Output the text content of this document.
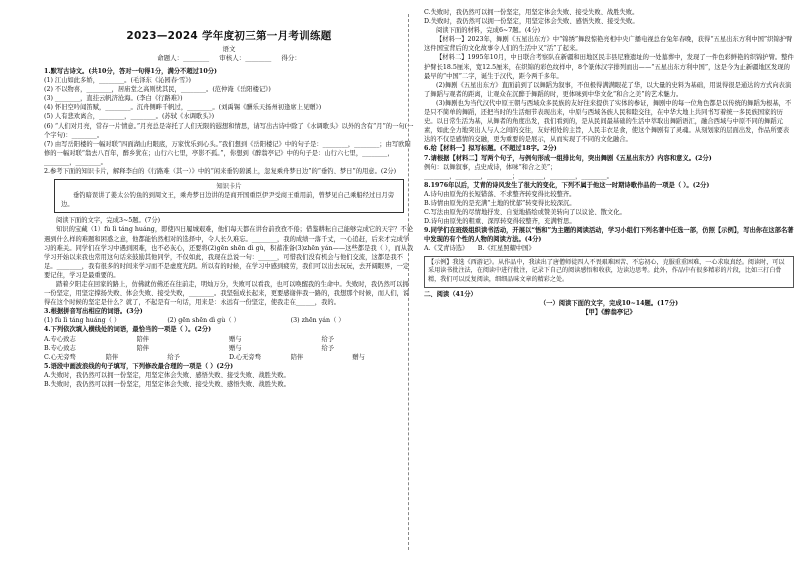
2023—2024 学年度初三第一月考训练题
语文
命题人：________ 审核人：________ 得分：

1.默写古诗文。(共10分，答对一句得1分，满分不超过10分)

(1) 江山如此多娇，________。(毛泽东《沁园春·雪》)

(2) 不以物喜，________，居庙堂之高则忧其民，________。(范仲淹《岳阳楼记》)

(3) ________，直挂云帆济沧海。(李白《行路难》)

(4) 怀旧空吟闻笛赋，________。沉舟侧畔千帆过，________。(刘禹锡《酬乐天扬州初逢席上见赠》)

(5) 人有悲欢离合，________，________。(苏轼《水调歌头》)

(6) “人们对月亮，常存一片情意。”月亮总是寄托了人们无限的遐想和情思，请写出古诗中除了《水调歌头》以外的含有“月”的一句(一个字句)：________。

(7) 由写岳阳楼的一幅对联“四面湖山归眼底，万家忧乐到心头。”我们想到《岳阳楼记》中的句子是：________，________；由写欧阳修的一幅对联“翁去八百年，醉乡犹在；山行六七里，亭影不孤。”，你想到《醉翁亭记》中的句子是：山行六七里，________，________，________。

2.参考下面的知识卡片，解释李白的《行路难（其一）》中的“闲来垂钓碧溪上，忽复乘舟梦日边”的“垂钓、梦日”的用意。(2分)

知识卡片

垂钓暗误讲了姜太公钓鱼的到周文王，乘舟梦日边讲的是商开国重臣伊尹受商王重用前，曾梦见自己乘船经过日月旁边。

阅读下面的文字，完成3~5题。(7分)

知识的宝藏（1）fù lì táng huáng，即使四日履城艰难，他们每天都在讲台前孜孜不倦；借鉴耕耘自己能够完成它的天宇？不论遇到什么样的难题和困惑之意，他都能怡然相对的选择中，令人长久难忘。________，我的成绩一落千丈，一心追赶，后来才完成学习的难关。同学们在学习中遇到困难，也不必灰心，还要将(2)gēn shēn dì gù，积蓄准备(3)zhēn yán——这些都是我（ ），而从我学习开始以来我也常用这句话来鼓励其他同学，不仅如此，我现在总说一句：______，可惜我们没有机会与他们交流，这都是我不足。________，我有很多的时间来学习而不是虚度光阴。所以有的时候，在学习中感到疲劳，我们可以出去玩玩，去开阔眼界，一定要记住，学习是最重要的。

踏着夕阳走在回家的路上，仿佛就仿佛还在往前走，明灿万分，失败可以看我，也可以唤醒我的生命中。失败时，我仍然可以拥一份坚定，用坚定撑扬失败、体会失败、接受失败，________。我坚强成长起来，更要感谢伴我一路的，我想那个时候，而人们，说得在这个时候的坚定是什么？就了，不起是有一句话，用来是：永远有一份坚定，使我走在______，我的。

3.根据拼音写出相应的词语。(3分)

(1) fù lì táng huáng（ ）	(2) gēn shēn dì gù（ ）	(3) zhēn yán（ ）

4.下列依次填入横线处的词语，最恰当的一项是（ ）。(2分)

A.专心致志	陪伴	赠与	给予
B.专心致志	陪伴	赠与	给予
C.心无旁骛	陪伴	给予	D.心无旁骛	陪伴	赠与

5.语段中画波浪线的句子填写，下列修改最合理的一项是（ ）(2分)

A.失败时，我仍然可以拥一份坚定，用坚定体会失败、感悟失败、接受失败、战胜失败。

B.失败时，我仍然可以拥一份坚定，用坚定体会失败、接受失败、感悟失败、战胜失败。

C.失败时，我仍然可以拥一份坚定，用坚定体会失败、接受失败、战胜失败。

D.失败时，我仍然可以拥一份坚定，用坚定体会失败、感悟失败、接受失败。

阅读下面的材料，完成6~7题。(4分)

【材料一】2023年，舞剧《五星出东方》中“锦绣”舞段惊艳亮相中央广播电视总台兔年春晚，获得“五星出东方利中国”织锦护臂这件国宝背后的文化故事令人们的生活中又“活”了起来。

【材料二】1995年10月，中日联合考察队在新疆和田地区民丰县尼雅遗址的一处墓葬中，发现了一件色彩鲜艳的织锦护臂。整件护臂长18.5厘米，宽12.5厘米，在织锦的彩色纹样中，8个篆体汉字排列而出——“五星出东方利中国”，这是今为止新疆地区发现的最早的“中国”二字，诞生于汉代，距今两千多年。

(2)舞剧《五星出东方》直面前到了以舞蹈为叙事，不但极得满满眼花了华，以大量的史料为基础，用说得很是通达的方式向表演了舞蹈与观者的距离，让观众在沉醉于舞蹈的时，更体味到中华文化“和合之美”的艺术魅力。

(3)舞剧也为当代汉代中原王朝与西域众多民族的友好往来提供了实体的参证，舞剧中的每一位角色都是以传统的舞蹈为根基，不是只不简单的舞蹈，还把当时的生活细节表现出来，中原与西域各族人民和睦交往，在中华大地上共同书写着统一多民族国家的历史。以日常生活为基，从舞者的角度出发，我们看到的，是从民间最基础的生活中萃取出舞蹈语汇，融合西域与中原不同的舞蹈元素，如此全力地突出人与人之间的交往，友好相处的主旨，人民丰衣足食，使这个舞剧有了灵魂。从刻划家的层面出发，作品所要表达的不仅是感情的交融，更为重要的是展示，从而实现了不同的文化融合。

6.给【材料一】拟写标题。(不超过18字。2分)

7.请根据【材料二】写两个句子，与例句形成一组排比句，突出舞剧《五星出东方》内容和意义。(2分)

例句：以舞叙事，点史成诗，体味“和合之美”；

________，________，________；________，________，________。

8.1976年以后，艾青的诗风发生了很大的变化，下列不属于他这一时期诗歌作品的一项是（ ）。(2分)

A.诗句由原先的长短错落、不求整齐转变得比较整齐。

B.诗情由原先的是充满“土地的忧郁”转变得比较深沉。

C.写法由原先的尽情地抒发、自觉地描绘或赞美转向了以议论、散文化。

D.诗句由原先的粗重、深厚转变得较整齐，充满哲思。

9.同学们在班级组织读书活动，开展以“悟和”为主题的阅读活动，学习小组们下列名著中任选一部，仿照【示例】，写出你在这部名著中发现的有个性的人物的阅读方法。(4分)

A.《艾青诗选》　　B.《红星照耀中国》

【示例】我选《西游记》。从作品中，我读出了唐僧师徒四人不畏艰难困苦、不忘初心，克服重重困难，一心求取真经。阅读时，可以采用读书批注法，在阅读中进行批注，记录下自己的阅读感悟和收获，边读边思考。此外，作品中有很多精彩的片段，比如三打白骨精，我们可以反复阅读，细细品味文章的精彩之处。

二、阅读（41分）

（一）阅读下面的文字，完成10~14题。(17分)

【甲】《醉翁亭记》
